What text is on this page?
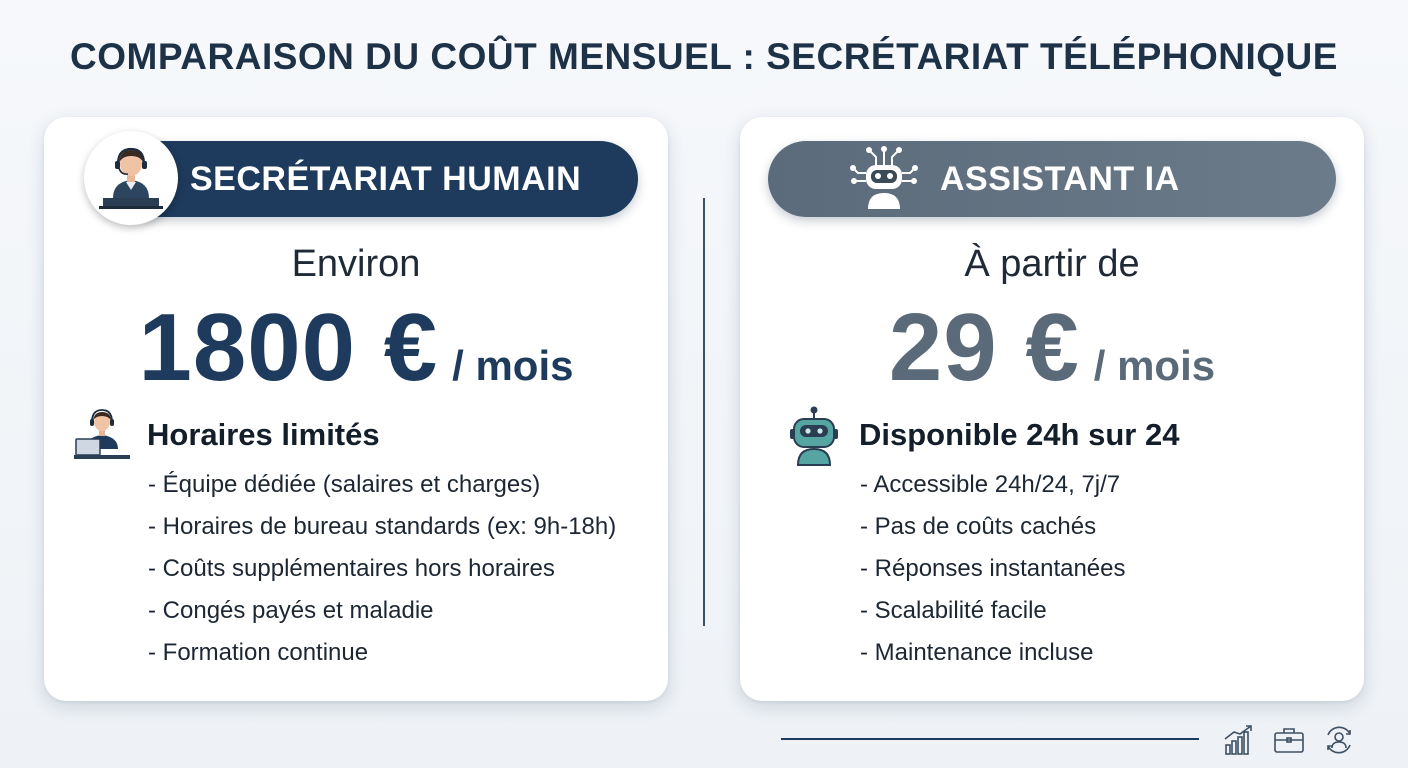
COMPARAISON DU COÛT MENSUEL : SECRÉTARIAT TÉLÉPHONIQUE
SECRÉTARIAT HUMAIN
Environ
1800 € / mois
Horaires limités
- Équipe dédiée (salaires et charges)
- Horaires de bureau standards (ex: 9h-18h)
- Coûts supplémentaires hors horaires
- Congés payés et maladie
- Formation continue
ASSISTANT IA
À partir de
29 € / mois
Disponible 24h sur 24
- Accessible 24h/24, 7j/7
- Pas de coûts cachés
- Réponses instantanées
- Scalabilité facile
- Maintenance incluse
